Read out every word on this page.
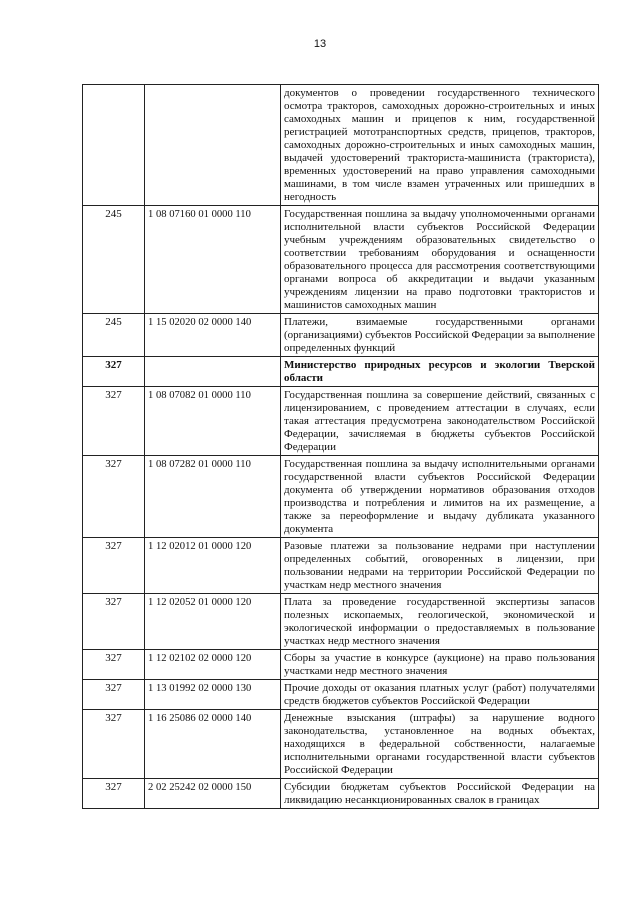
13
		документов о проведении государственного технического осмотра тракторов, самоходных дорожно-строительных и иных самоходных машин и прицепов к ним, государственной регистрацией мототранспортных средств, прицепов, тракторов, самоходных дорожно-строительных и иных самоходных машин, выдачей удостоверений тракториста-машиниста (тракториста), временных удостоверений на право управления самоходными машинами, в том числе взамен утраченных или пришедших в негодность
245	1 08 07160 01 0000 110	Государственная пошлина за выдачу уполномоченными органами исполнительной власти субъектов Российской Федерации учебным учреждениям образовательных свидетельство о соответствии требованиям оборудования и оснащенности образовательного процесса для рассмотрения соответствующими органами вопроса об аккредитации и выдачи указанным учреждениям лицензии на право подготовки трактористов и машинистов самоходных машин
245	1 15 02020 02 0000 140	Платежи, взимаемые государственными органами (организациями) субъектов Российской Федерации за выполнение определенных функций
327		Министерство природных ресурсов и экологии Тверской области
327	1 08 07082 01 0000 110	Государственная пошлина за совершение действий, связанных с лицензированием, с проведением аттестации в случаях, если такая аттестация предусмотрена законодательством Российской Федерации, зачисляемая в бюджеты субъектов Российской Федерации
327	1 08 07282 01 0000 110	Государственная пошлина за выдачу исполнительными органами государственной власти субъектов Российской Федерации документа об утверждении нормативов образования отходов производства и потребления и лимитов на их размещение, а также за переоформление и выдачу дубликата указанного документа
327	1 12 02012 01 0000 120	Разовые платежи за пользование недрами при наступлении определенных событий, оговоренных в лицензии, при пользовании недрами на территории Российской Федерации по участкам недр местного значения
327	1 12 02052 01 0000 120	Плата за проведение государственной экспертизы запасов полезных ископаемых, геологической, экономической и экологической информации о предоставляемых в пользование участках недр местного значения
327	1 12 02102 02 0000 120	Сборы за участие в конкурсе (аукционе) на право пользования участками недр местного значения
327	1 13 01992 02 0000 130	Прочие доходы от оказания платных услуг (работ) получателями средств бюджетов субъектов Российской Федерации
327	1 16 25086 02 0000 140	Денежные взыскания (штрафы) за нарушение водного законодательства, установленное на водных объектах, находящихся в федеральной собственности, налагаемые исполнительными органами государственной власти субъектов Российской Федерации
327	2 02 25242 02 0000 150	Субсидии бюджетам субъектов Российской Федерации на ликвидацию несанкционированных свалок в границах
